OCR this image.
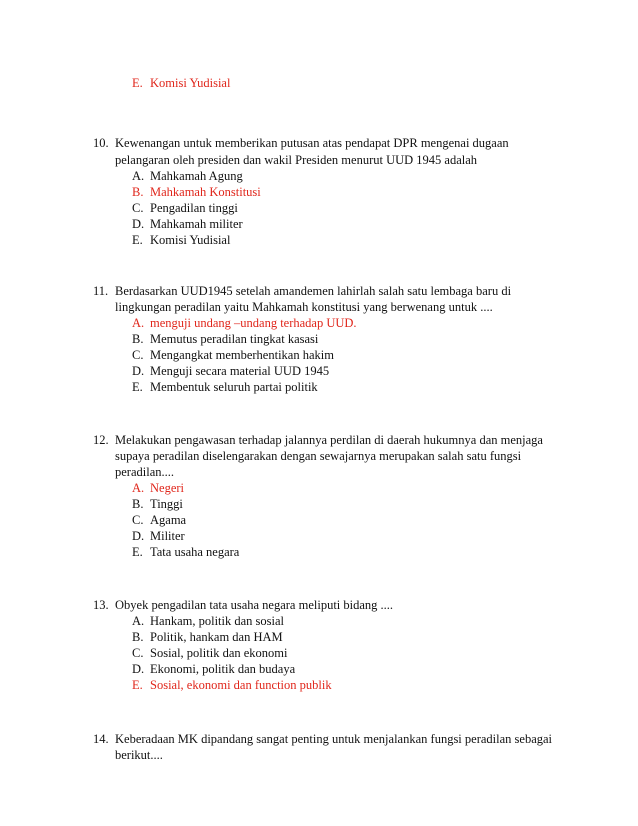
E. Komisi Yudisial
10. Kewenangan untuk memberikan putusan atas pendapat DPR mengenai dugaan
pelangaran oleh presiden dan wakil Presiden menurut UUD 1945 adalah
A. Mahkamah Agung
B. Mahkamah Konstitusi
C. Pengadilan tinggi
D. Mahkamah militer
E. Komisi Yudisial
11. Berdasarkan UUD1945 setelah amandemen lahirlah salah satu lembaga baru di
lingkungan peradilan yaitu Mahkamah konstitusi yang berwenang untuk ....
A. menguji undang –undang terhadap UUD.
B. Memutus peradilan tingkat kasasi
C. Mengangkat memberhentikan hakim
D. Menguji secara material UUD 1945
E. Membentuk seluruh partai politik
12. Melakukan pengawasan terhadap jalannya perdilan di daerah hukumnya dan menjaga
supaya peradilan diselengarakan dengan sewajarnya merupakan salah satu fungsi
peradilan....
A. Negeri
B. Tinggi
C. Agama
D. Militer
E. Tata usaha negara
13. Obyek pengadilan tata usaha negara meliputi bidang ....
A. Hankam, politik dan sosial
B. Politik, hankam dan HAM
C. Sosial, politik dan ekonomi
D. Ekonomi, politik dan budaya
E. Sosial, ekonomi dan function publik
14. Keberadaan MK dipandang sangat penting untuk menjalankan fungsi peradilan sebagai
berikut....
